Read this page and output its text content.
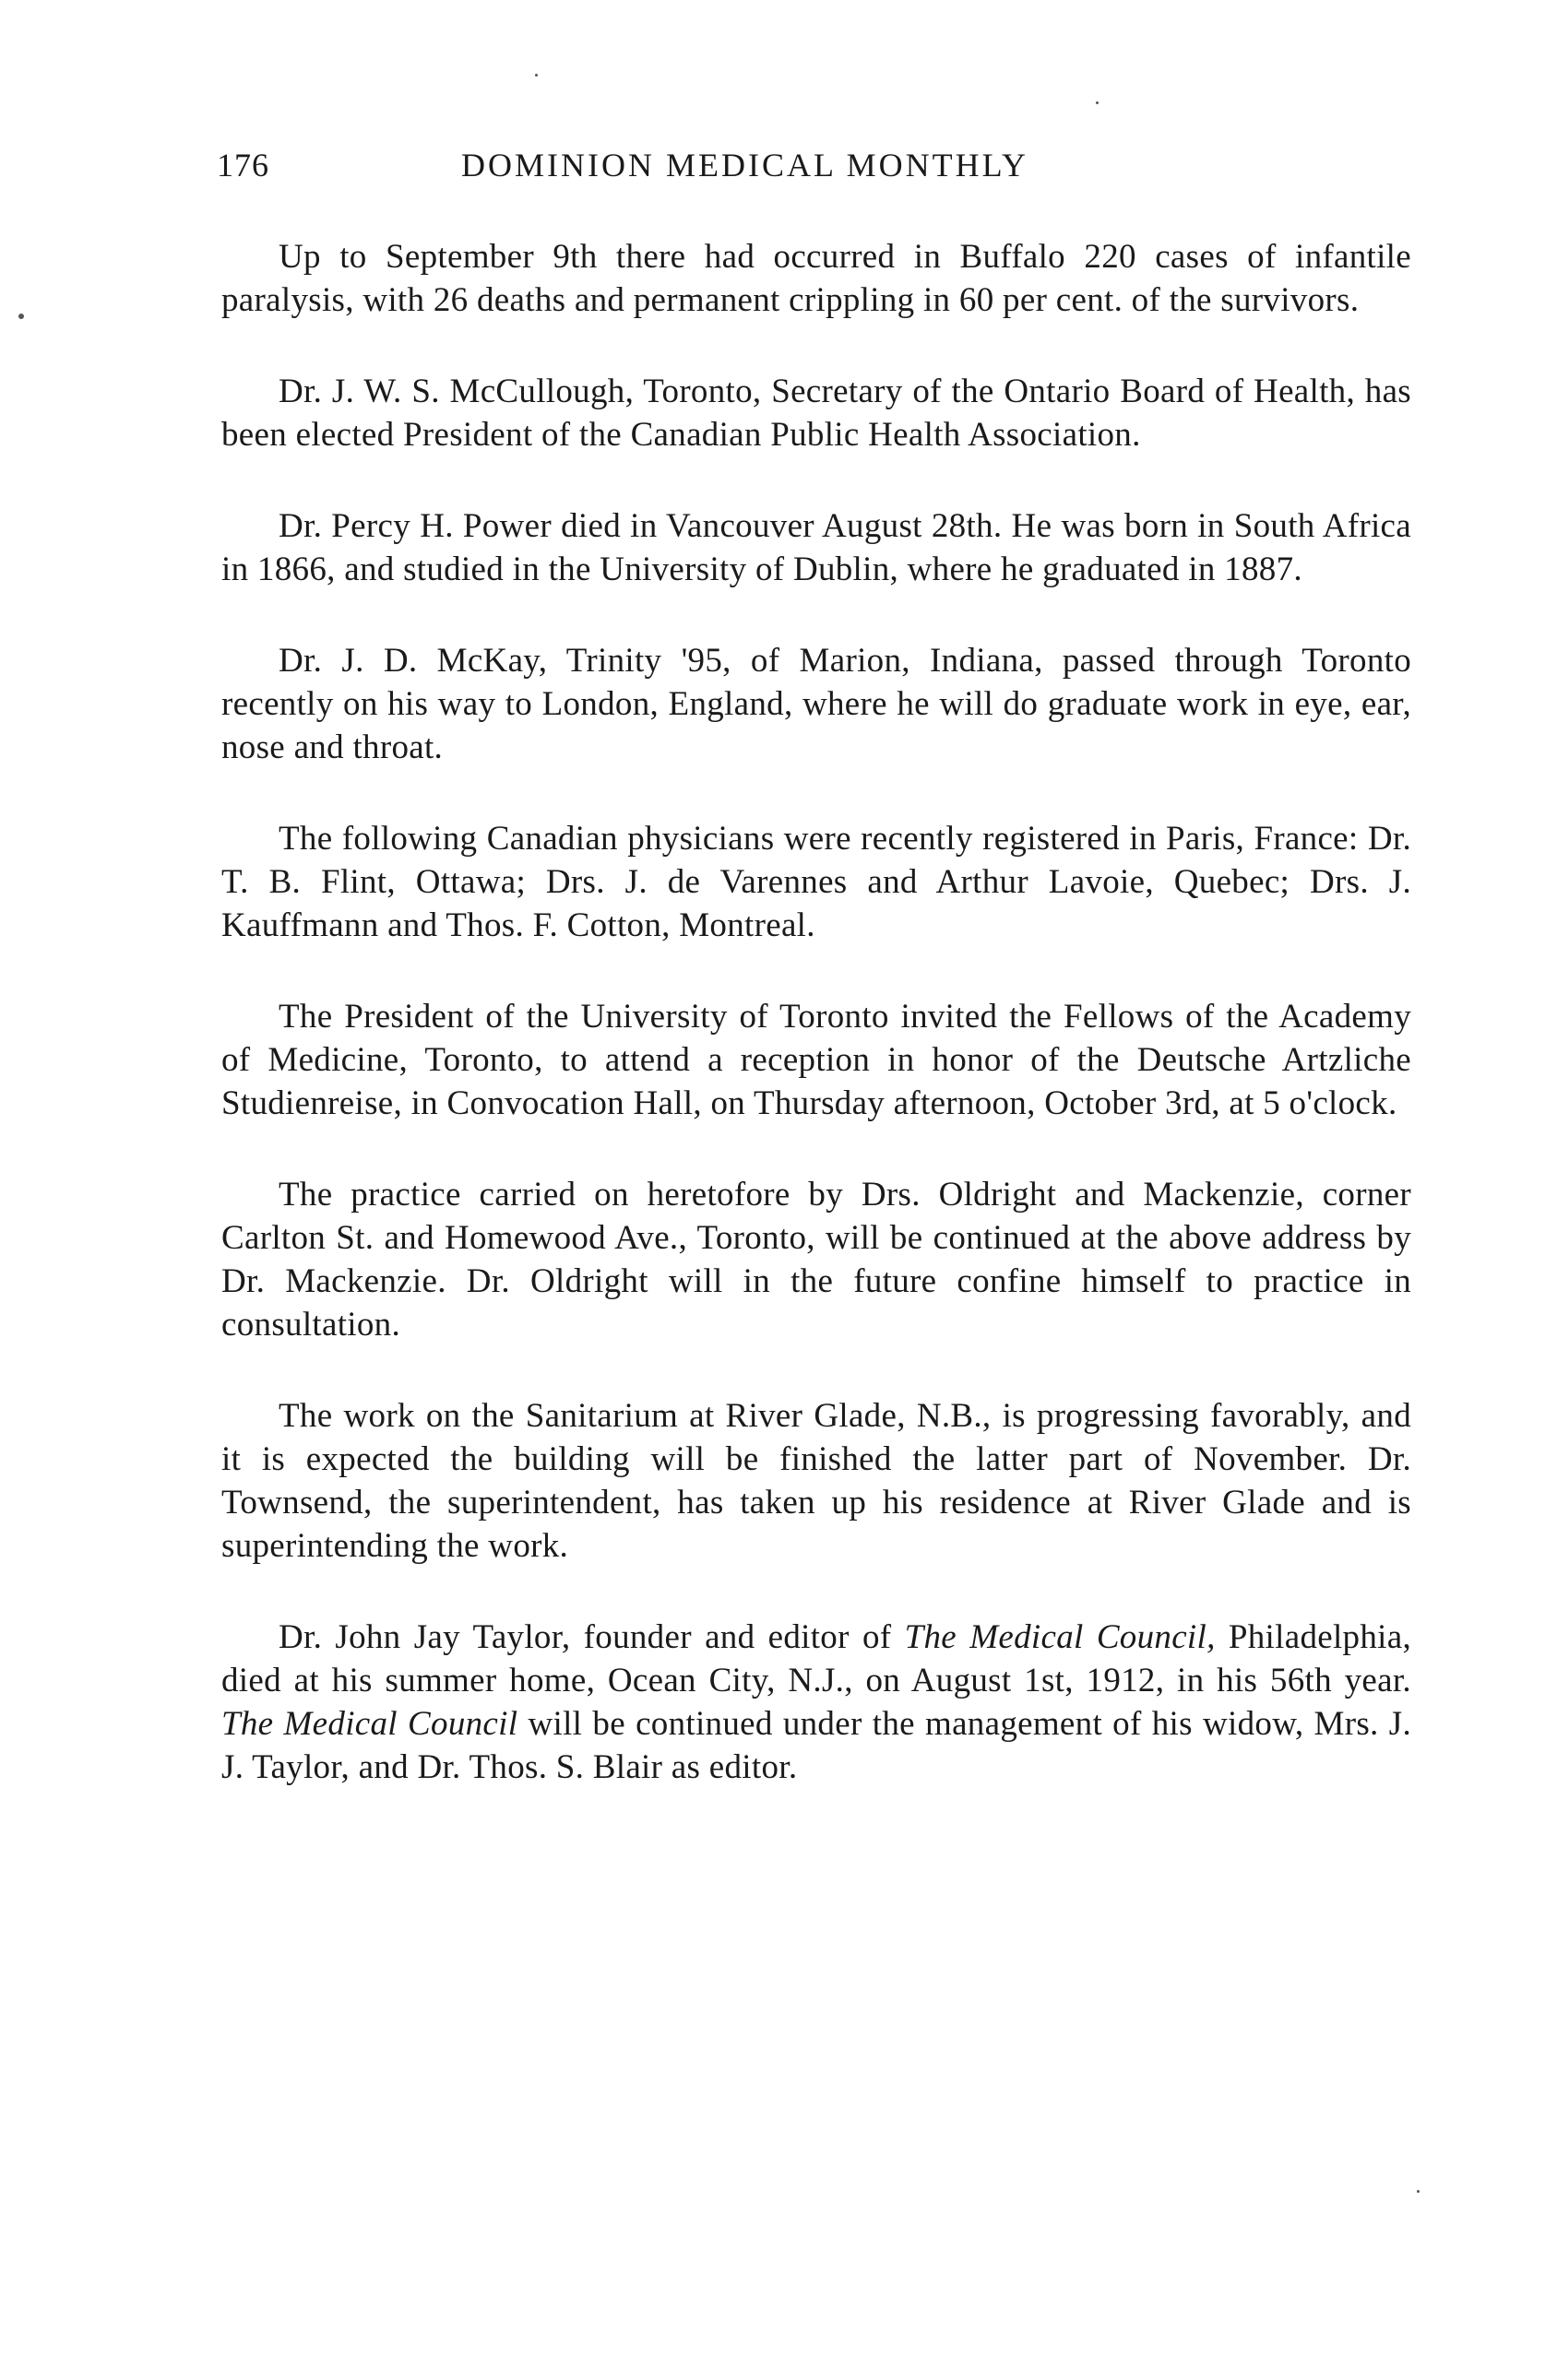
176	DOMINION MEDICAL MONTHLY

Up to September 9th there had occurred in Buffalo 220 cases of infantile paralysis, with 26 deaths and permanent crippling in 60 per cent. of the survivors.

Dr. J. W. S. McCullough, Toronto, Secretary of the Ontario Board of Health, has been elected President of the Canadian Public Health Association.

Dr. Percy H. Power died in Vancouver August 28th. He was born in South Africa in 1866, and studied in the University of Dublin, where he graduated in 1887.

Dr. J. D. McKay, Trinity '95, of Marion, Indiana, passed through Toronto recently on his way to London, England, where he will do graduate work in eye, ear, nose and throat.

The following Canadian physicians were recently registered in Paris, France: Dr. T. B. Flint, Ottawa; Drs. J. de Varennes and Arthur Lavoie, Quebec; Drs. J. Kauffmann and Thos. F. Cotton, Montreal.

The President of the University of Toronto invited the Fellows of the Academy of Medicine, Toronto, to attend a reception in honor of the Deutsche Artzliche Studienreise, in Convocation Hall, on Thursday afternoon, October 3rd, at 5 o'clock.

The practice carried on heretofore by Drs. Oldright and Mackenzie, corner Carlton St. and Homewood Ave., Toronto, will be continued at the above address by Dr. Mackenzie. Dr. Oldright will in the future confine himself to practice in consultation.

The work on the Sanitarium at River Glade, N.B., is progressing favorably, and it is expected the building will be finished the latter part of November. Dr. Townsend, the superintendent, has taken up his residence at River Glade and is superintending the work.

Dr. John Jay Taylor, founder and editor of The Medical Council, Philadelphia, died at his summer home, Ocean City, N.J., on August 1st, 1912, in his 56th year. The Medical Council will be continued under the management of his widow, Mrs. J. J. Taylor, and Dr. Thos. S. Blair as editor.
